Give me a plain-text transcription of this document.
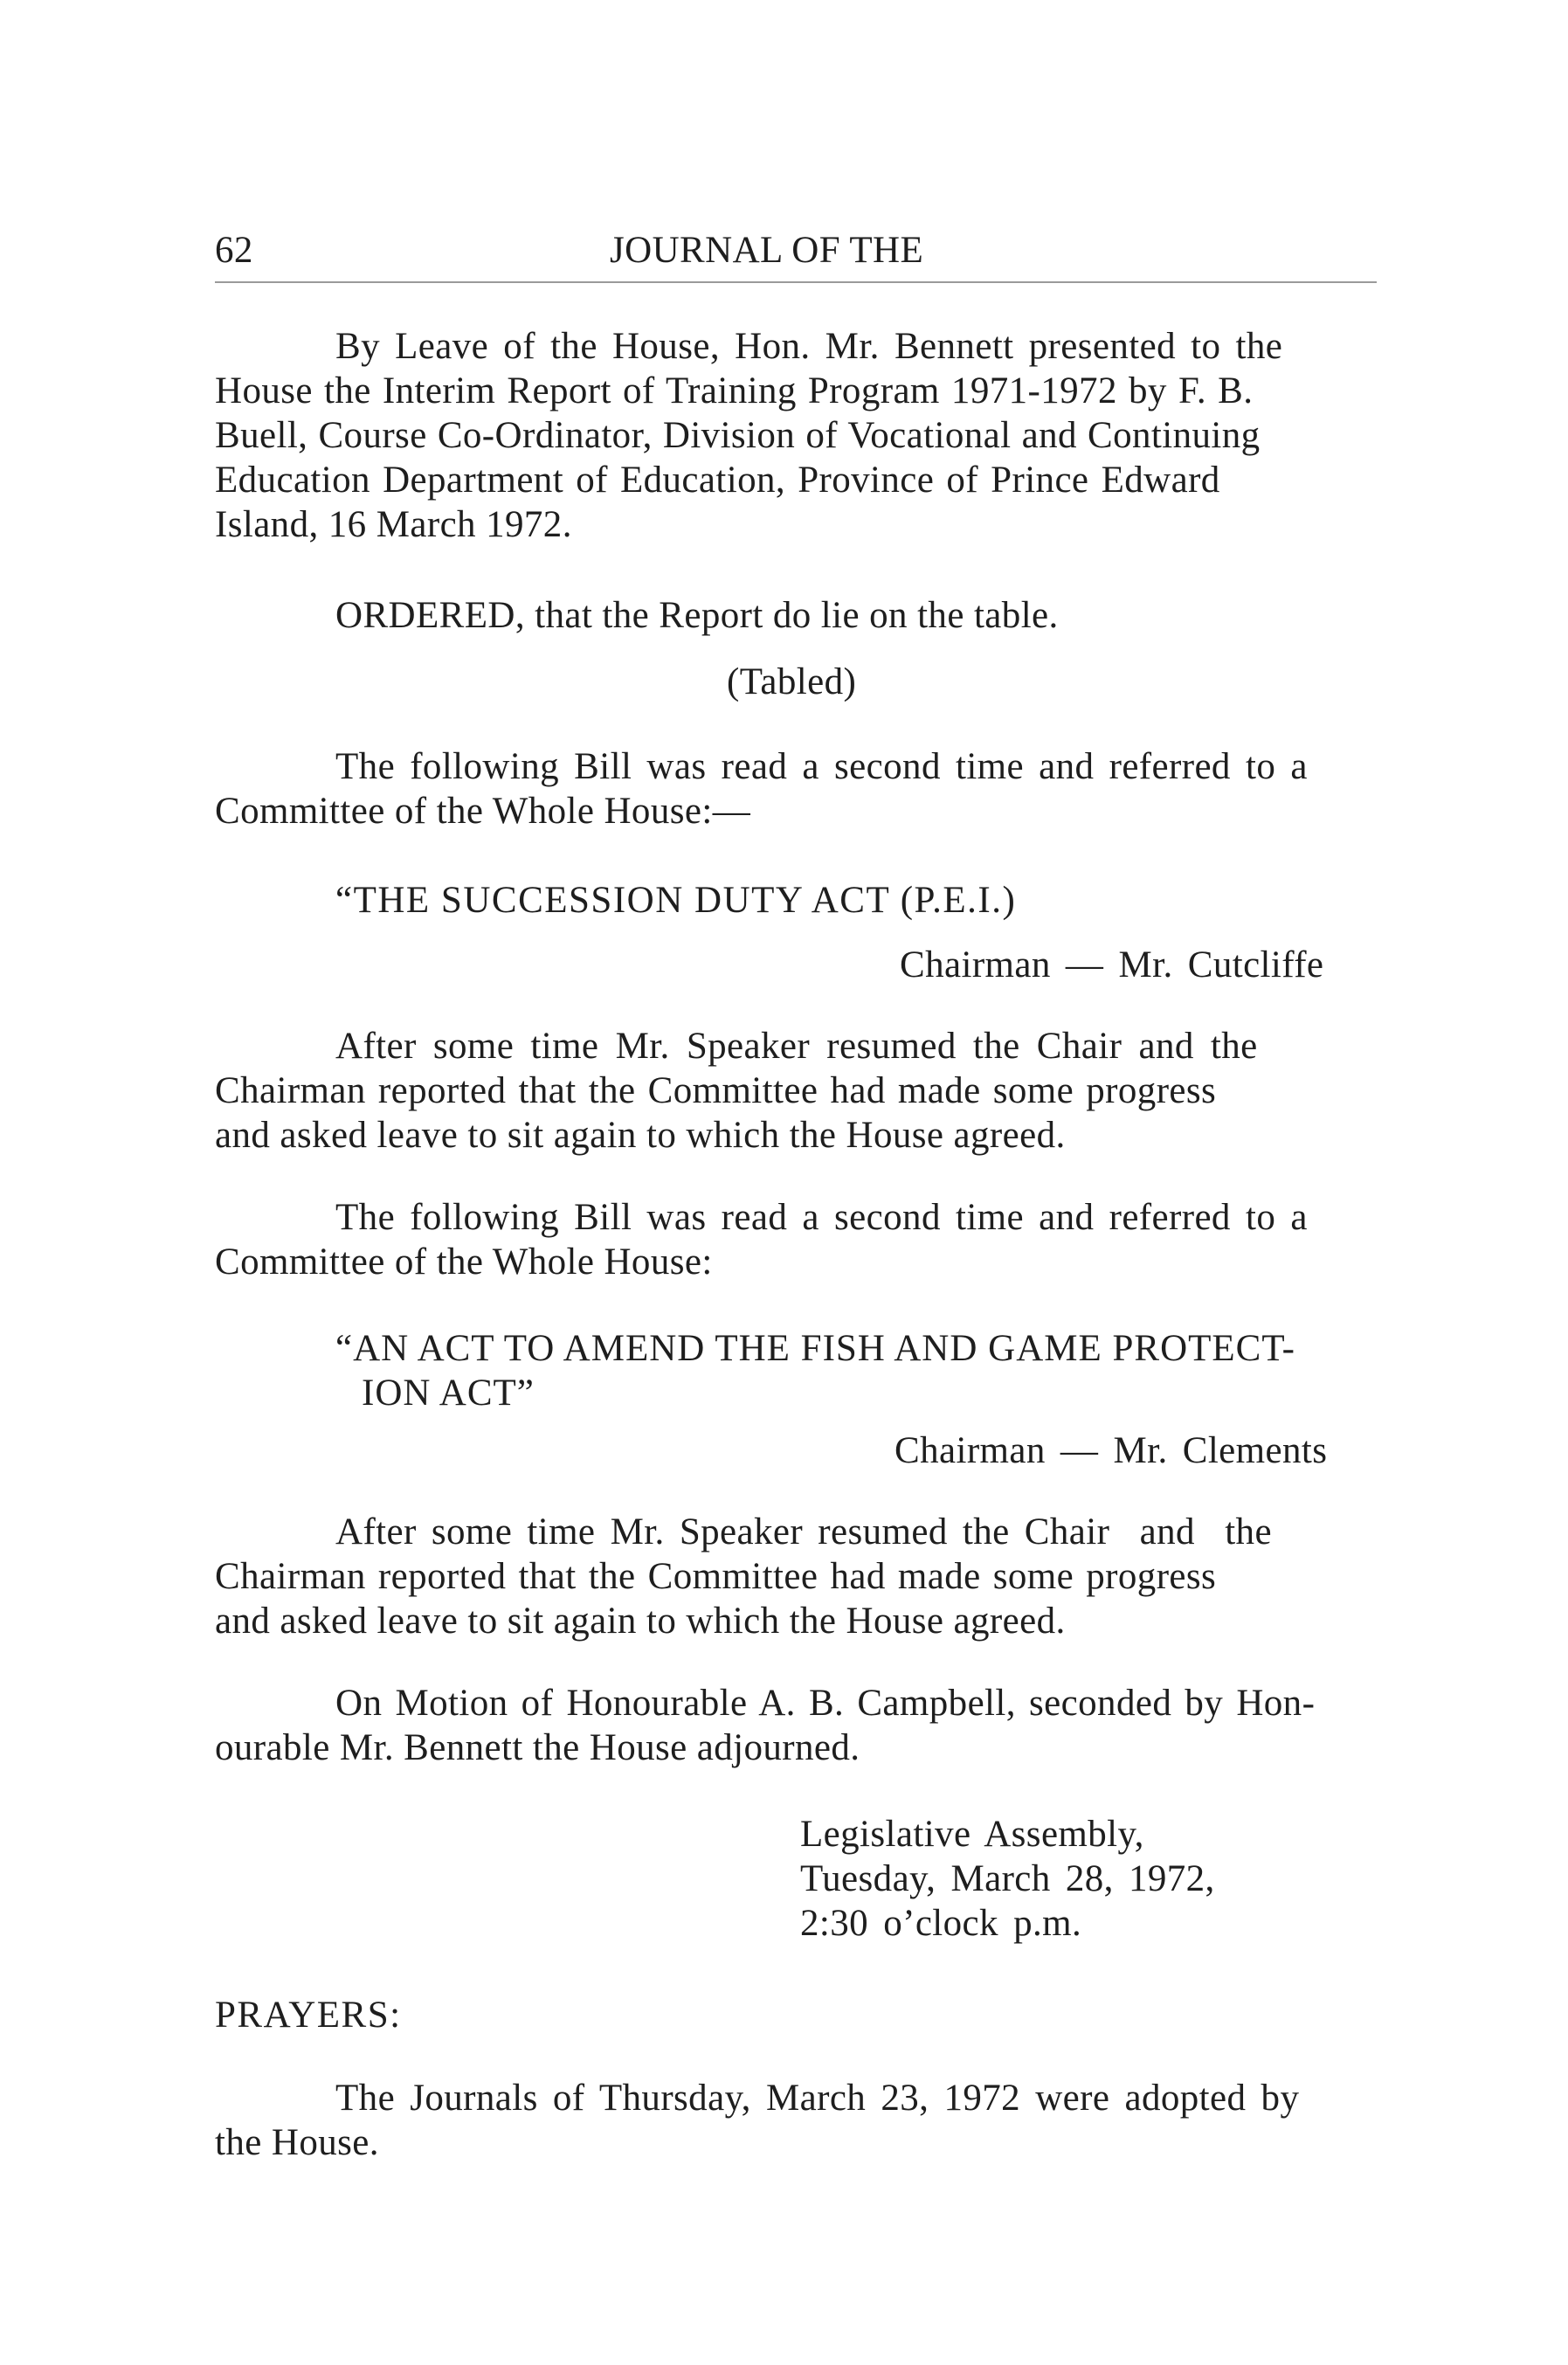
62	JOURNAL OF THE
By Leave of the House, Hon. Mr. Bennett presented to the
House the Interim Report of Training Program 1971-1972 by F. B.
Buell, Course Co-Ordinator, Division of Vocational and Continuing
Education Department of Education, Province of Prince Edward
Island, 16 March 1972.
ORDERED, that the Report do lie on the table.
(Tabled)
The following Bill was read a second time and referred to a
Committee of the Whole House:—
“THE SUCCESSION DUTY ACT (P.E.I.)
Chairman — Mr. Cutcliffe
After some time Mr. Speaker resumed the Chair and the
Chairman reported that the Committee had made some progress
and asked leave to sit again to which the House agreed.
The following Bill was read a second time and referred to a
Committee of the Whole House:
“AN ACT TO AMEND THE FISH AND GAME PROTECT-
ION ACT”
Chairman — Mr. Clements
After some time Mr. Speaker resumed the Chair  and  the
Chairman reported that the Committee had made some progress
and asked leave to sit again to which the House agreed.
On Motion of Honourable A. B. Campbell, seconded by Hon-
ourable Mr. Bennett the House adjourned.
Legislative Assembly,
Tuesday, March 28, 1972,
2:30 o’clock p.m.
PRAYERS:
The Journals of Thursday, March 23, 1972 were adopted by
the House.
